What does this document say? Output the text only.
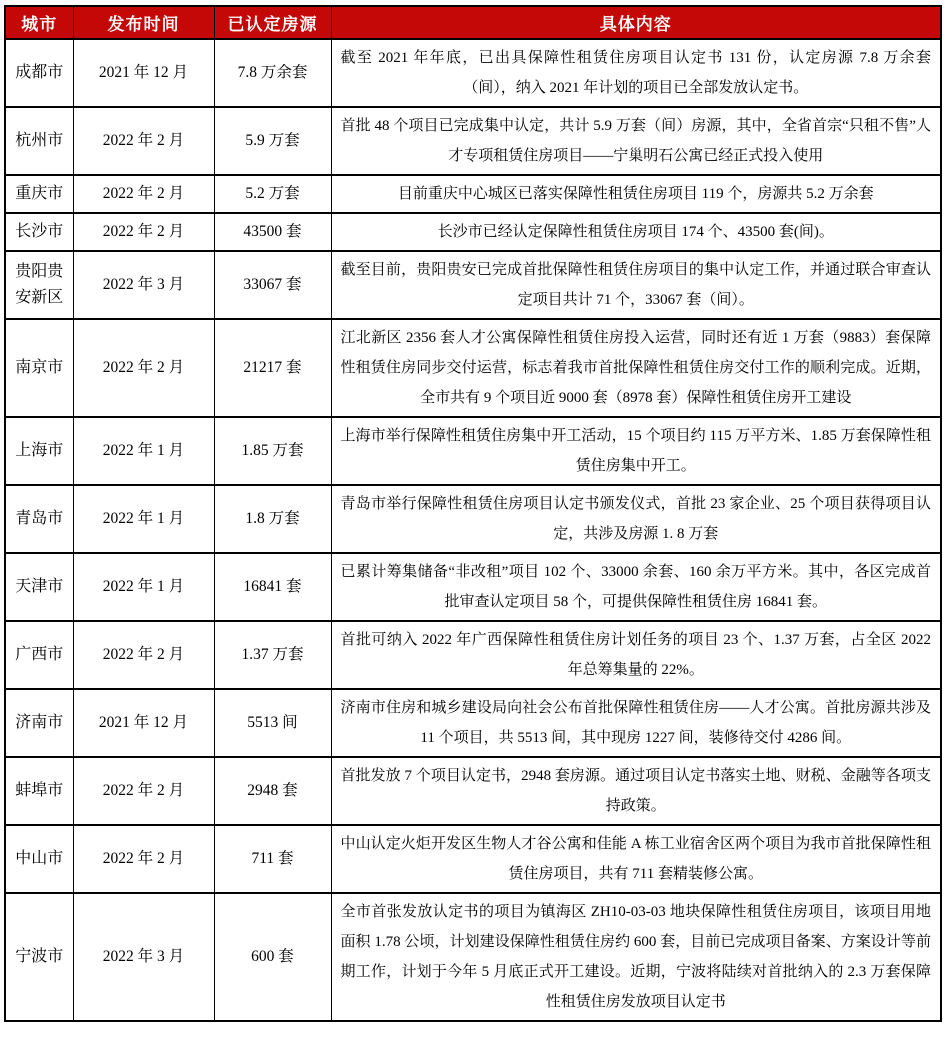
城市	发布时间	已认定房源	具体内容
成都市	2021 年 12 月	7.8 万余套	截至 2021 年年底，已出具保障性租赁住房项目认定书 131 份，认定房源 7.8 万余套（间），纳入 2021 年计划的项目已全部发放认定书。
杭州市	2022 年 2 月	5.9 万套	首批 48 个项目已完成集中认定，共计 5.9 万套（间）房源，其中，全省首宗“只租不售”人才专项租赁住房项目——宁巢明石公寓已经正式投入使用
重庆市	2022 年 2 月	5.2 万套	目前重庆中心城区已落实保障性租赁住房项目 119 个，房源共 5.2 万余套
长沙市	2022 年 2 月	43500 套	长沙市已经认定保障性租赁住房项目 174 个、43500 套(间)。
贵阳贵安新区	2022 年 3 月	33067 套	截至目前，贵阳贵安已完成首批保障性租赁住房项目的集中认定工作，并通过联合审查认定项目共计 71 个，33067 套（间）。
南京市	2022 年 2 月	21217 套	江北新区 2356 套人才公寓保障性租赁住房投入运营，同时还有近 1 万套（9883）套保障性租赁住房同步交付运营，标志着我市首批保障性租赁住房交付工作的顺利完成。近期，全市共有 9 个项目近 9000 套（8978 套）保障性租赁住房开工建设
上海市	2022 年 1 月	1.85 万套	上海市举行保障性租赁住房集中开工活动，15 个项目约 115 万平方米、1.85 万套保障性租赁住房集中开工。
青岛市	2022 年 1 月	1.8 万套	青岛市举行保障性租赁住房项目认定书颁发仪式，首批 23 家企业、25 个项目获得项目认定，共涉及房源 1. 8 万套
天津市	2022 年 1 月	16841 套	已累计筹集储备“非改租”项目 102 个、33000 余套、160 余万平方米。其中，各区完成首批审查认定项目 58 个，可提供保障性租赁住房 16841 套。
广西市	2022 年 2 月	1.37 万套	首批可纳入 2022 年广西保障性租赁住房计划任务的项目 23 个、1.37 万套，占全区 2022 年总筹集量的 22%。
济南市	2021 年 12 月	5513 间	济南市住房和城乡建设局向社会公布首批保障性租赁住房——人才公寓。首批房源共涉及 11 个项目，共 5513 间，其中现房 1227 间，装修待交付 4286 间。
蚌埠市	2022 年 2 月	2948 套	首批发放 7 个项目认定书，2948 套房源。通过项目认定书落实土地、财税、金融等各项支持政策。
中山市	2022 年 2 月	711 套	中山认定火炬开发区生物人才谷公寓和佳能 A 栋工业宿舍区两个项目为我市首批保障性租赁住房项目，共有 711 套精装修公寓。
宁波市	2022 年 3 月	600 套	全市首张发放认定书的项目为镇海区 ZH10-03-03 地块保障性租赁住房项目，该项目用地面积 1.78 公顷，计划建设保障性租赁住房约 600 套，目前已完成项目备案、方案设计等前期工作，计划于今年 5 月底正式开工建设。近期，宁波将陆续对首批纳入的 2.3 万套保障性租赁住房发放项目认定书
